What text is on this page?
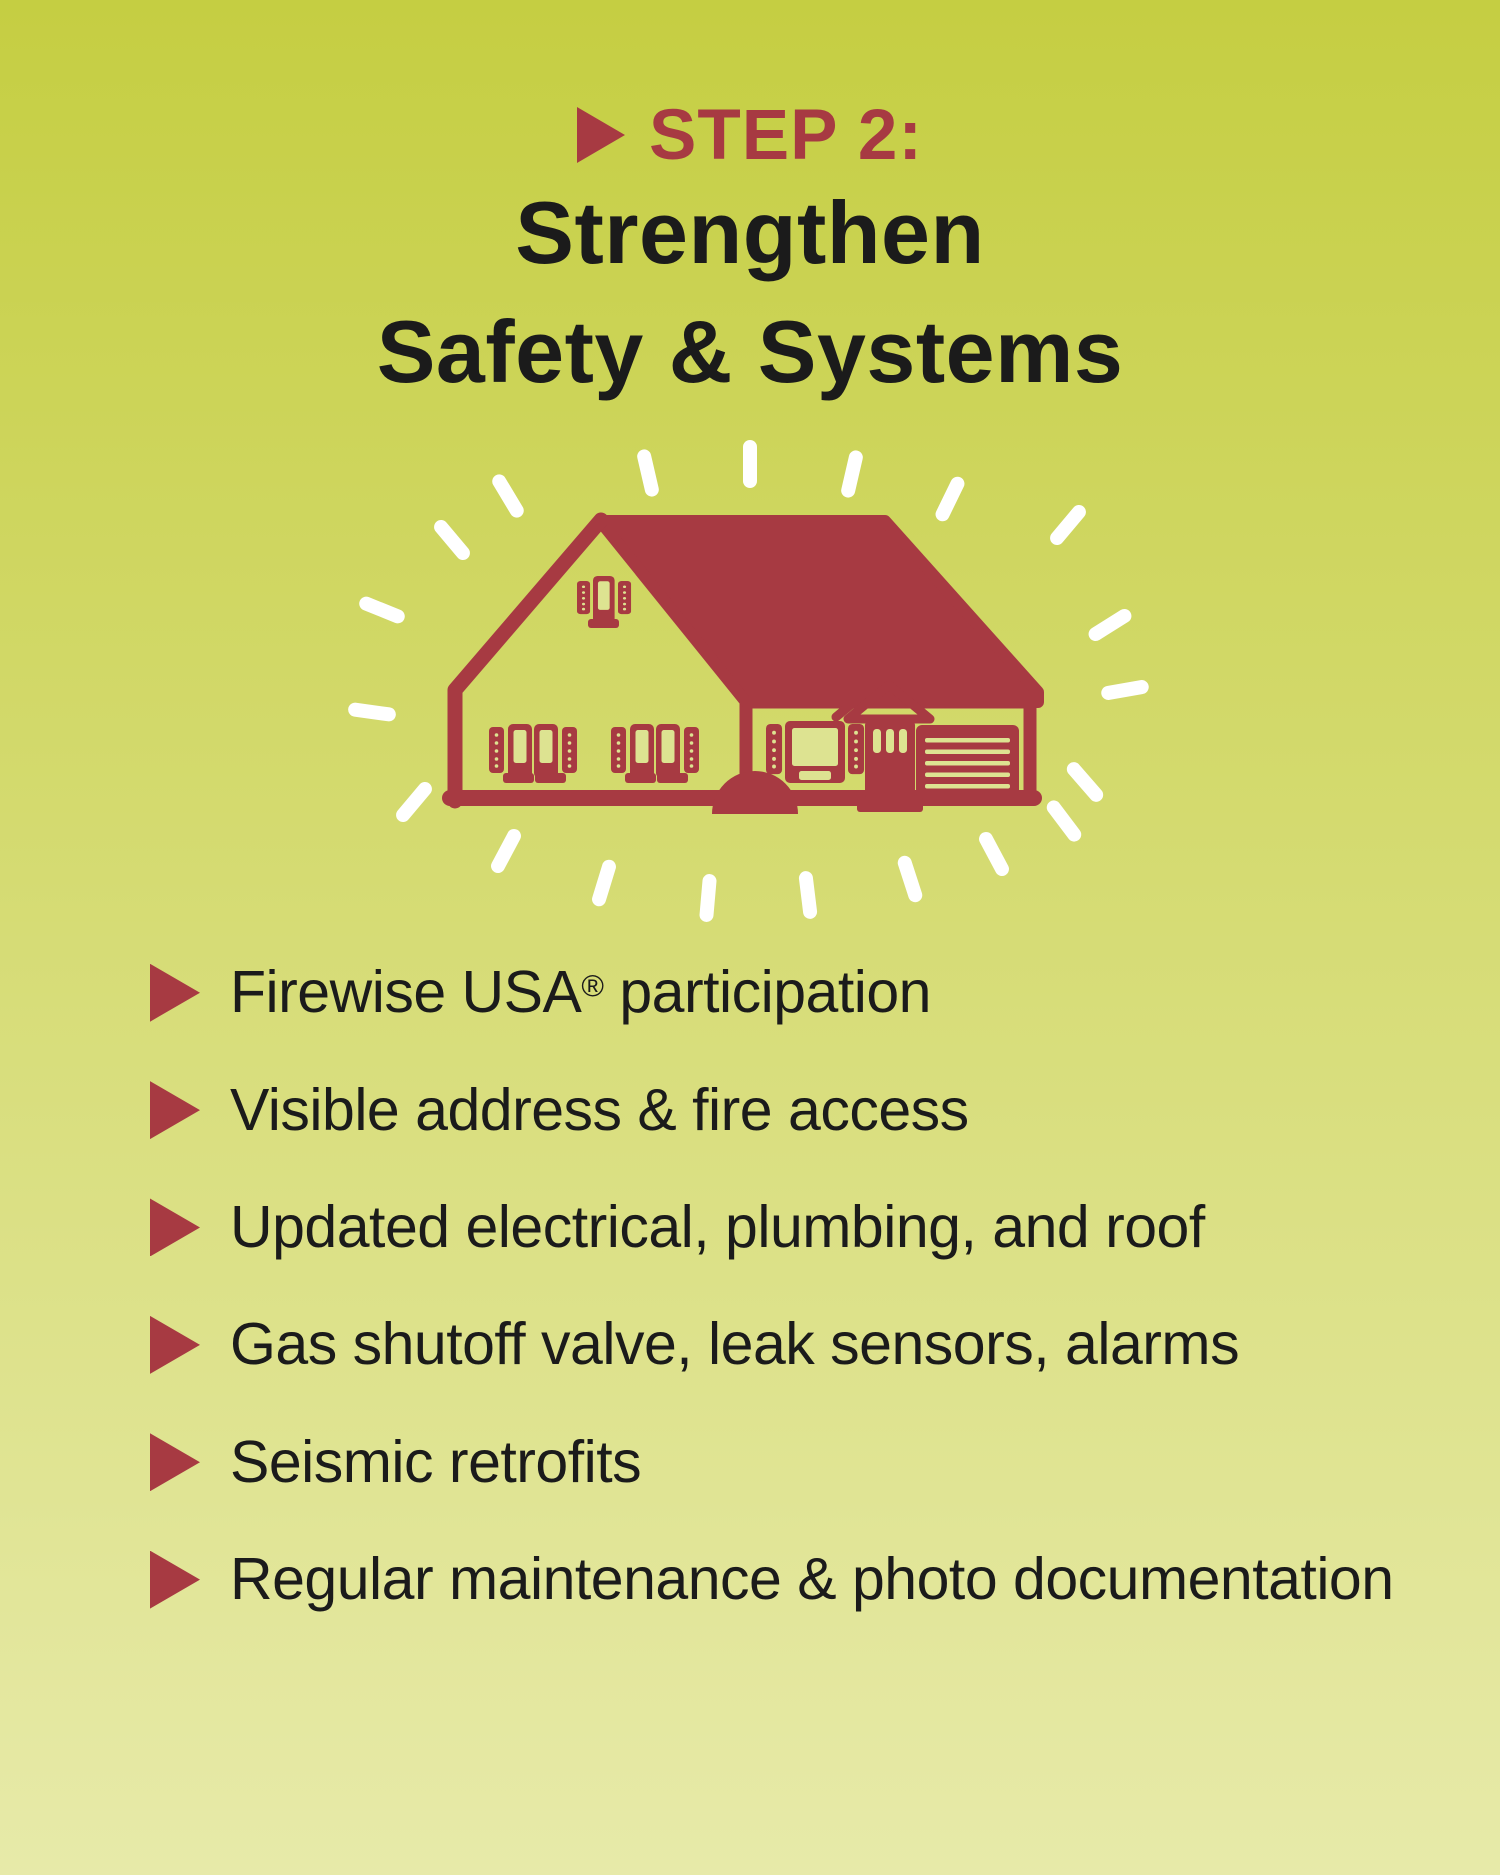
STEP 2:
Strengthen
Safety & Systems
Firewise USA® participation
Visible address & fire access
Updated electrical, plumbing, and roof
Gas shutoff valve, leak sensors, alarms
Seismic retrofits
Regular maintenance & photo documentation
